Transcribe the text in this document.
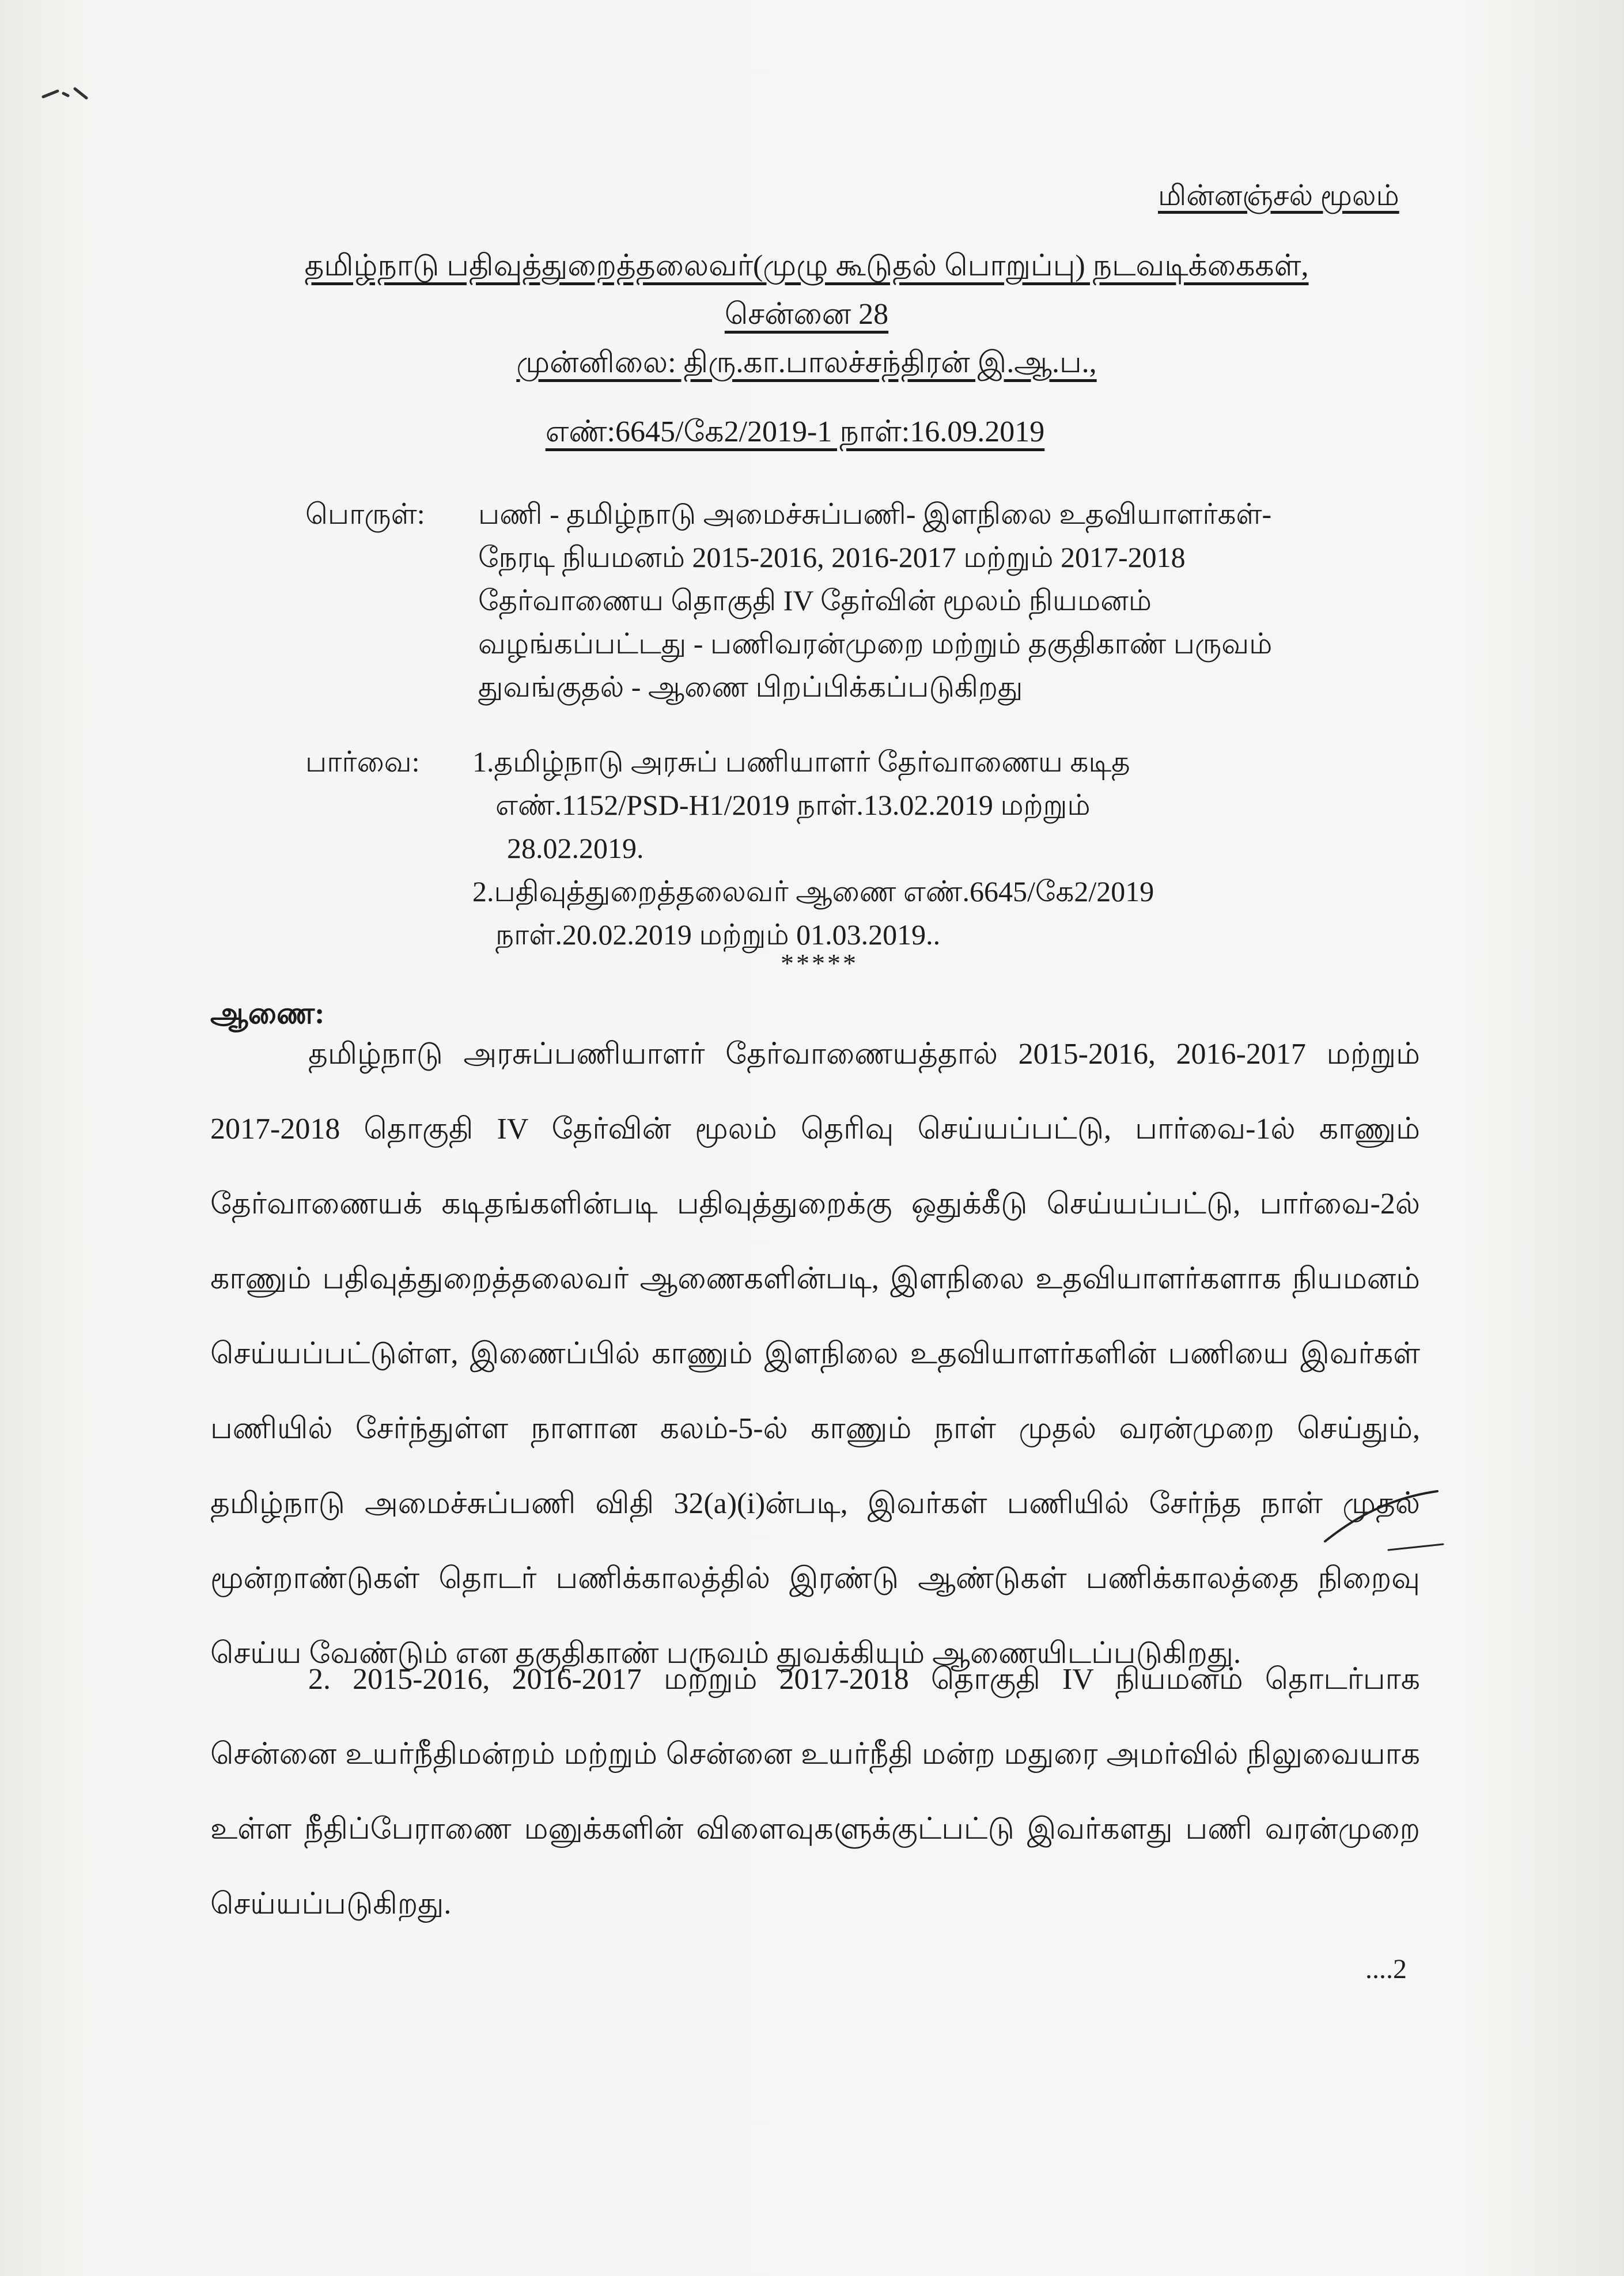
மின்னஞ்சல் மூலம்
தமிழ்நாடு பதிவுத்துறைத்தலைவர்(முழு கூடுதல் பொறுப்பு) நடவடிக்கைகள்,
சென்னை 28
முன்னிலை: திரு.கா.பாலச்சந்திரன் இ.ஆ.ப.,
எண்:6645/கே2/2019-1 நாள்:16.09.2019
பொருள்: பணி - தமிழ்நாடு அமைச்சுப்பணி- இளநிலை உதவியாளர்கள்-
நேரடி நியமனம் 2015-2016, 2016-2017 மற்றும் 2017-2018
தேர்வாணைய தொகுதி IV தேர்வின் மூலம் நியமனம்
வழங்கப்பட்டது - பணிவரன்முறை மற்றும் தகுதிகாண் பருவம்
துவங்குதல் - ஆணை பிறப்பிக்கப்படுகிறது
பார்வை: 1.தமிழ்நாடு அரசுப் பணியாளர் தேர்வாணைய கடித
எண்.1152/PSD-H1/2019 நாள்.13.02.2019 மற்றும்
28.02.2019.
2.பதிவுத்துறைத்தலைவர் ஆணை எண்.6645/கே2/2019
நாள்.20.02.2019 மற்றும் 01.03.2019..
*****
ஆணை:
தமிழ்நாடு அரசுப்பணியாளர் தேர்வாணையத்தால் 2015-2016, 2016-2017 மற்றும் 2017-2018 தொகுதி IV தேர்வின் மூலம் தெரிவு செய்யப்பட்டு, பார்வை-1ல் காணும் தேர்வாணையக் கடிதங்களின்படி பதிவுத்துறைக்கு ஒதுக்கீடு செய்யப்பட்டு, பார்வை-2ல் காணும் பதிவுத்துறைத்தலைவர் ஆணைகளின்படி, இளநிலை உதவியாளர்களாக நியமனம் செய்யப்பட்டுள்ள, இணைப்பில் காணும் இளநிலை உதவியாளர்களின் பணியை இவர்கள் பணியில் சேர்ந்துள்ள நாளான கலம்-5-ல் காணும் நாள் முதல் வரன்முறை செய்தும், தமிழ்நாடு அமைச்சுப்பணி விதி 32(a)(i)ன்படி, இவர்கள் பணியில் சேர்ந்த நாள் முதல் மூன்றாண்டுகள் தொடர் பணிக்காலத்தில் இரண்டு ஆண்டுகள் பணிக்காலத்தை நிறைவு செய்ய வேண்டும் என தகுதிகாண் பருவம் துவக்கியும் ஆணையிடப்படுகிறது.
2. 2015-2016, 2016-2017 மற்றும் 2017-2018 தொகுதி IV நியமனம் தொடர்பாக சென்னை உயர்நீதிமன்றம் மற்றும் சென்னை உயர்நீதி மன்ற மதுரை அமர்வில் நிலுவையாக உள்ள நீதிப்பேராணை மனுக்களின் விளைவுகளுக்குட்பட்டு இவர்களது பணி வரன்முறை செய்யப்படுகிறது.
....2
